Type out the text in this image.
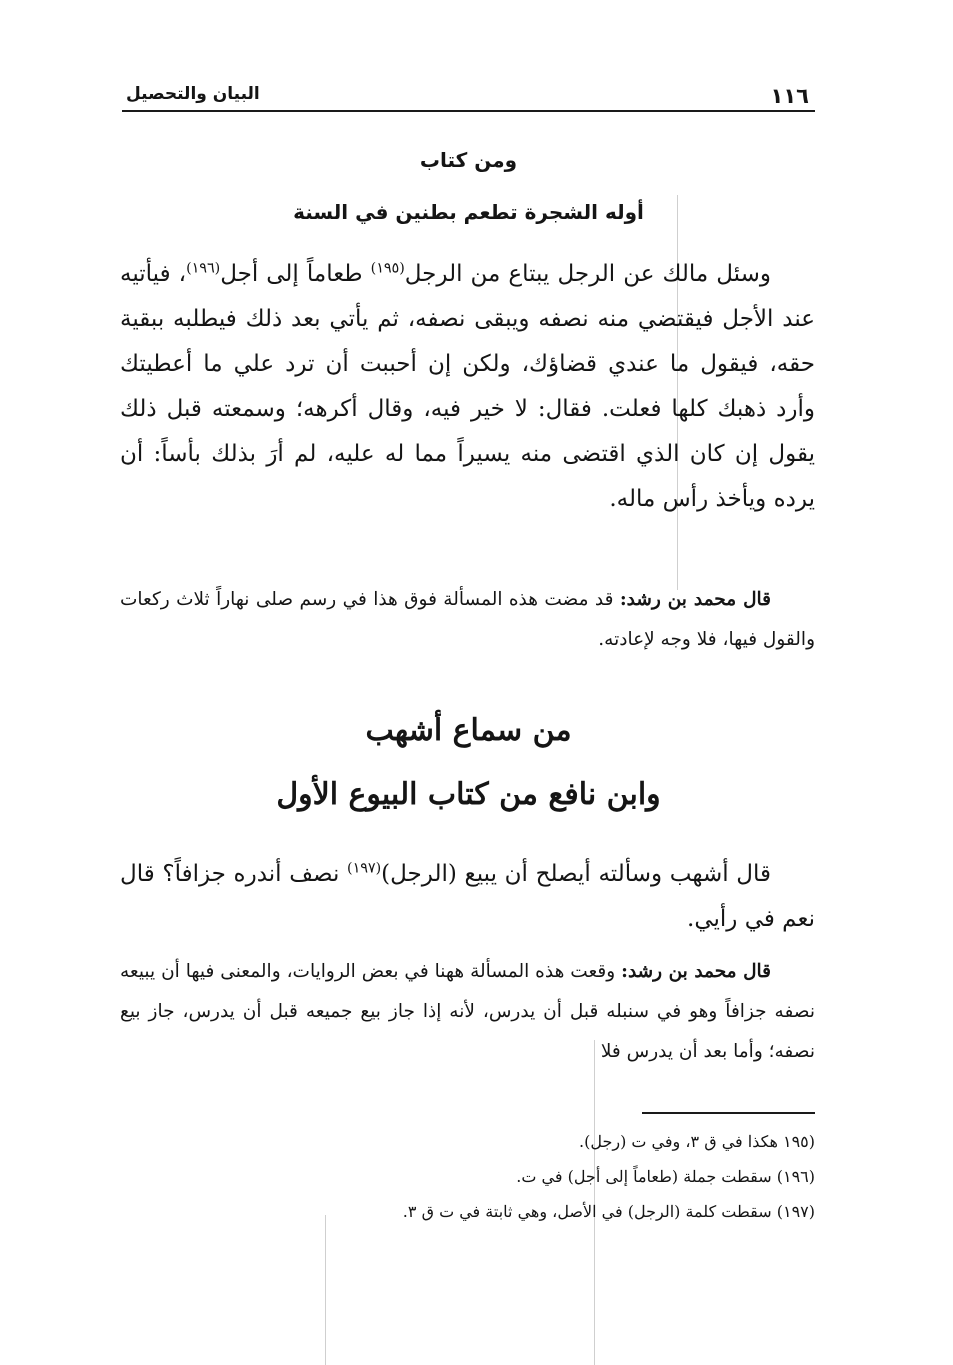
١١٦
البيان والتحصيل
ومن كتاب
أوله الشجرة تطعم بطنين في السنة

وسئل مالك عن الرجل يبتاع من الرجل$^{(١٩٥)}$ طعاماً إلى أجل$^{(١٩٦)}$، فيأتيه عند الأجل فيقتضي منه نصفه ويبقى نصفه، ثم يأتي بعد ذلك فيطلبه ببقية حقه، فيقول ما عندي قضاؤك، ولكن إن أحببت أن ترد علي ما أعطيتك وأرد ذهبك كلها فعلت. فقال: لا خير فيه، وقال أكرهه؛ وسمعته قبل ذلك يقول إن كان الذي اقتضى منه يسيراً مما له عليه، لم أرَ بذلك بأساً: أن يرده ويأخذ رأس ماله.

قال محمد بن رشد: قد مضت هذه المسألة فوق هذا في رسم صلى نهاراً ثلاث ركعات والقول فيها، فلا وجه لإعادته.

من سماع أشهب
وابن نافع من كتاب البيوع الأول

قال أشهب وسألته أيصلح أن يبيع (الرجل)$^{(١٩٧)}$ نصف أندره جزافاً؟ قال نعم في رأيي.

قال محمد بن رشد: وقعت هذه المسألة ههنا في بعض الروايات، والمعنى فيها أن يبيعه نصفه جزافاً وهو في سنبله قبل أن يدرس، لأنه إذا جاز بيع جميعه قبل أن يدرس، جاز بيع نصفه؛ وأما بعد أن يدرس فلا

(١٩٥ هكذا في ق ٣، وفي ت (رجل).
(١٩٦) سقطت جملة (طعاماً إلى أجل) في ت.
(١٩٧) سقطت كلمة (الرجل) في الأصل، وهي ثابتة في ت ق ٣.
